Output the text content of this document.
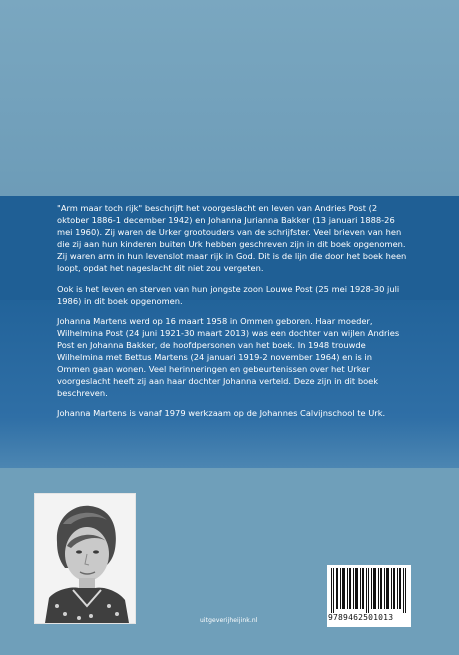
"Arm maar toch rijk" beschrijft het voorgeslacht en leven van Andries Post (2 oktober 1886-1 december 1942) en Johanna Jurianna Bakker (13 januari 1888-26 mei 1960). Zij waren de Urker grootouders van de schrijfster. Veel brieven van hen die zij aan hun kinderen buiten Urk hebben geschreven zijn in dit boek opgenomen. Zij waren arm in hun levenslot maar rijk in God. Dit is de lijn die door het boek heen loopt, opdat het nageslacht dit niet zou vergeten.

Ook is het leven en sterven van hun jongste zoon Louwe Post (25 mei 1928-30 juli 1986) in dit boek opgenomen.

Johanna Martens werd op 16 maart 1958 in Ommen geboren. Haar moeder, Wilhelmina Post (24 juni 1921-30 maart 2013) was een dochter van wijlen Andries Post en Johanna Bakker, de hoofdpersonen van het boek. In 1948 trouwde Wilhelmina met Bettus Martens (24 januari 1919-2 november 1964) en is in Ommen gaan wonen. Veel herinneringen en gebeurtenissen over het Urker voorgeslacht heeft zij aan haar dochter Johanna verteld. Deze zijn in dit boek beschreven.

Johanna Martens is vanaf 1979 werkzaam op de Johannes Calvijnschool te Urk.

uitgeverijheijink.nl	9789462501013
